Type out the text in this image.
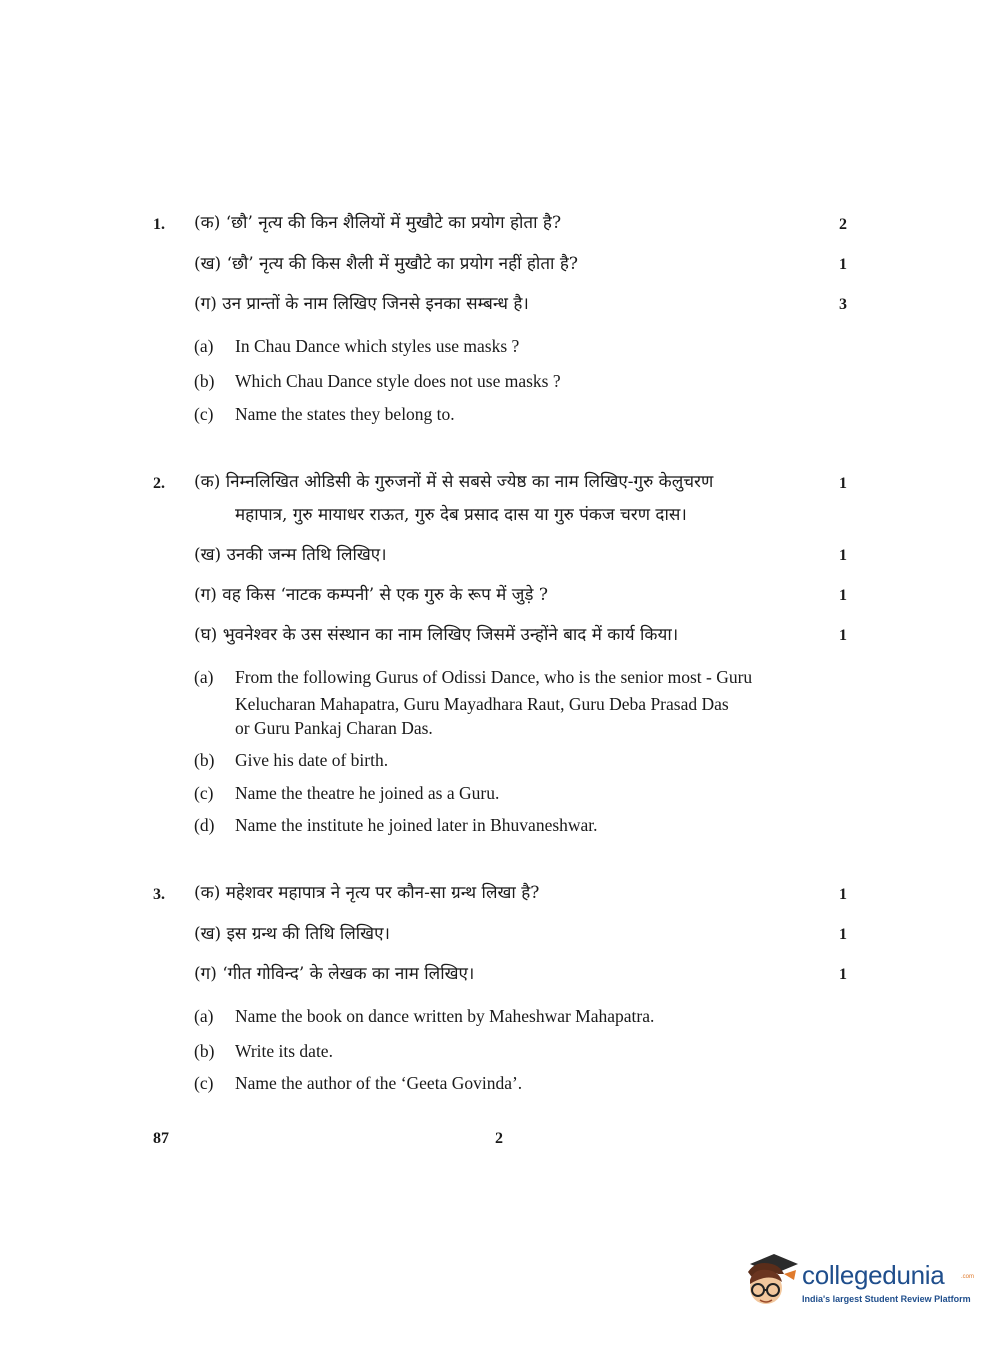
1. (क) ‘छौ’ नृत्य की किन शैलियों में मुखौटे का प्रयोग होता है?	2
(ख) ‘छौ’ नृत्य की किस शैली में मुखौटे का प्रयोग नहीं होता है?	1
(ग) उन प्रान्तों के नाम लिखिए जिनसे इनका सम्बन्ध है।	3
(a) In Chau Dance which styles use masks ?
(b) Which Chau Dance style does not use masks ?
(c) Name the states they belong to.
2. (क) निम्नलिखित ओडिसी के गुरुजनों में से सबसे ज्येष्ठ का नाम लिखिए-गुरु केलुचरण
महापात्र, गुरु मायाधर राऊत, गुरु देब प्रसाद दास या गुरु पंकज चरण दास।
1
(ख) उनकी जन्म तिथि लिखिए।	1
(ग) वह किस ‘नाटक कम्पनी’ से एक गुरु के रूप में जुड़े ?	1
(घ) भुवनेश्वर के उस संस्थान का नाम लिखिए जिसमें उन्होंने बाद में कार्य किया।	1
(a) From the following Gurus of Odissi Dance, who is the senior most - Guru
Kelucharan Mahapatra, Guru Mayadhara Raut, Guru Deba Prasad Das
or Guru Pankaj Charan Das.
(b) Give his date of birth.
(c) Name the theatre he joined as a Guru.
(d) Name the institute he joined later in Bhuvaneshwar.
3. (क) महेशवर महापात्र ने नृत्य पर कौन-सा ग्रन्थ लिखा है?	1
(ख) इस ग्रन्थ की तिथि लिखिए।	1
(ग) ‘गीत गोविन्द’ के लेखक का नाम लिखिए।	1
(a) Name the book on dance written by Maheshwar Mahapatra.
(b) Write its date.
(c) Name the author of the ‘Geeta Govinda’.
87	2
collegedunia	.com
India's largest Student Review Platform
